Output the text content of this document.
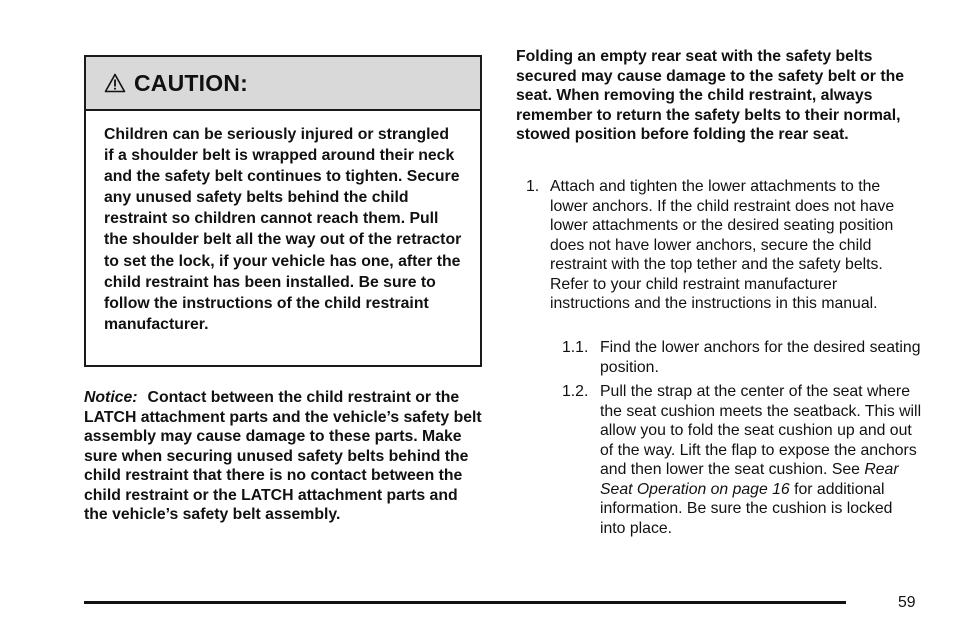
CAUTION:
Children can be seriously injured or strangled if a shoulder belt is wrapped around their neck and the safety belt continues to tighten. Secure any unused safety belts behind the child restraint so children cannot reach them. Pull the shoulder belt all the way out of the retractor to set the lock, if your vehicle has one, after the child restraint has been installed. Be sure to follow the instructions of the child restraint manufacturer.
Notice: Contact between the child restraint or the LATCH attachment parts and the vehicle’s safety belt assembly may cause damage to these parts. Make sure when securing unused safety belts behind the child restraint that there is no contact between the child restraint or the LATCH attachment parts and the vehicle’s safety belt assembly.
Folding an empty rear seat with the safety belts secured may cause damage to the safety belt or the seat. When removing the child restraint, always remember to return the safety belts to their normal, stowed position before folding the rear seat.
1. Attach and tighten the lower attachments to the lower anchors. If the child restraint does not have lower attachments or the desired seating position does not have lower anchors, secure the child restraint with the top tether and the safety belts. Refer to your child restraint manufacturer instructions and the instructions in this manual.
1.1. Find the lower anchors for the desired seating position.
1.2. Pull the strap at the center of the seat where the seat cushion meets the seatback. This will allow you to fold the seat cushion up and out of the way. Lift the flap to expose the anchors and then lower the seat cushion. See Rear Seat Operation on page 16 for additional information. Be sure the cushion is locked into place.
59
